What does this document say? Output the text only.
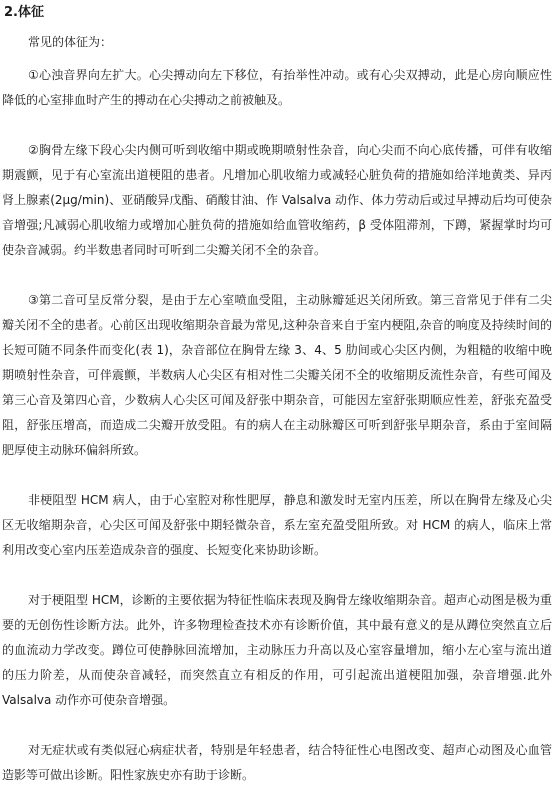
2.体征

常见的体征为：

①心浊音界向左扩大。心尖搏动向左下移位，有抬举性冲动。或有心尖双搏动，此是心房向顺应性降低的心室排血时产生的搏动在心尖搏动之前被触及。

②胸骨左缘下段心尖内侧可听到收缩中期或晚期喷射性杂音，向心尖而不向心底传播，可伴有收缩期震颤，见于有心室流出道梗阻的患者。凡增加心肌收缩力或减轻心脏负荷的措施如给洋地黄类、异丙肾上腺素(2μg/min)、亚硝酸异戊酯、硝酸甘油、作 Valsalva 动作、体力劳动后或过早搏动后均可使杂音增强;凡减弱心肌收缩力或增加心脏负荷的措施如给血管收缩药，β 受体阻滞剂，下蹲，紧握掌时均可使杂音减弱。约半数患者同时可听到二尖瓣关闭不全的杂音。

③第二音可呈反常分裂，是由于左心室喷血受阻，主动脉瓣延迟关闭所致。第三音常见于伴有二尖瓣关闭不全的患者。心前区出现收缩期杂音最为常见,这种杂音来自于室内梗阻,杂音的响度及持续时间的长短可随不同条件而变化(表 1)，杂音部位在胸骨左缘 3、4、5 肋间或心尖区内侧，为粗糙的收缩中晚期喷射性杂音，可伴震颤，半数病人心尖区有相对性二尖瓣关闭不全的收缩期反流性杂音，有些可闻及第三心音及第四心音，少数病人心尖区可闻及舒张中期杂音，可能因左室舒张期顺应性差，舒张充盈受阻，舒张压增高，而造成二尖瓣开放受阻。有的病人在主动脉瓣区可听到舒张早期杂音，系由于室间隔肥厚使主动脉环偏斜所致。

非梗阻型 HCM 病人，由于心室腔对称性肥厚，静息和激发时无室内压差，所以在胸骨左缘及心尖区无收缩期杂音，心尖区可闻及舒张中期轻微杂音，系左室充盈受阻所致。对 HCM 的病人，临床上常利用改变心室内压差造成杂音的强度、长短变化来协助诊断。

对于梗阻型 HCM，诊断的主要依据为特征性临床表现及胸骨左缘收缩期杂音。超声心动图是极为重要的无创伤性诊断方法。此外，许多物理检查技术亦有诊断价值，其中最有意义的是从蹲位突然直立后的血流动力学改变。蹲位可使静脉回流增加，主动脉压力升高以及心室容量增加，缩小左心室与流出道的压力阶差，从而使杂音减轻，而突然直立有相反的作用，可引起流出道梗阻加强，杂音增强.此外 Valsalva 动作亦可使杂音增强。

对无症状或有类似冠心病症状者，特别是年轻患者，结合特征性心电图改变、超声心动图及心血管造影等可做出诊断。阳性家族史亦有助于诊断。
